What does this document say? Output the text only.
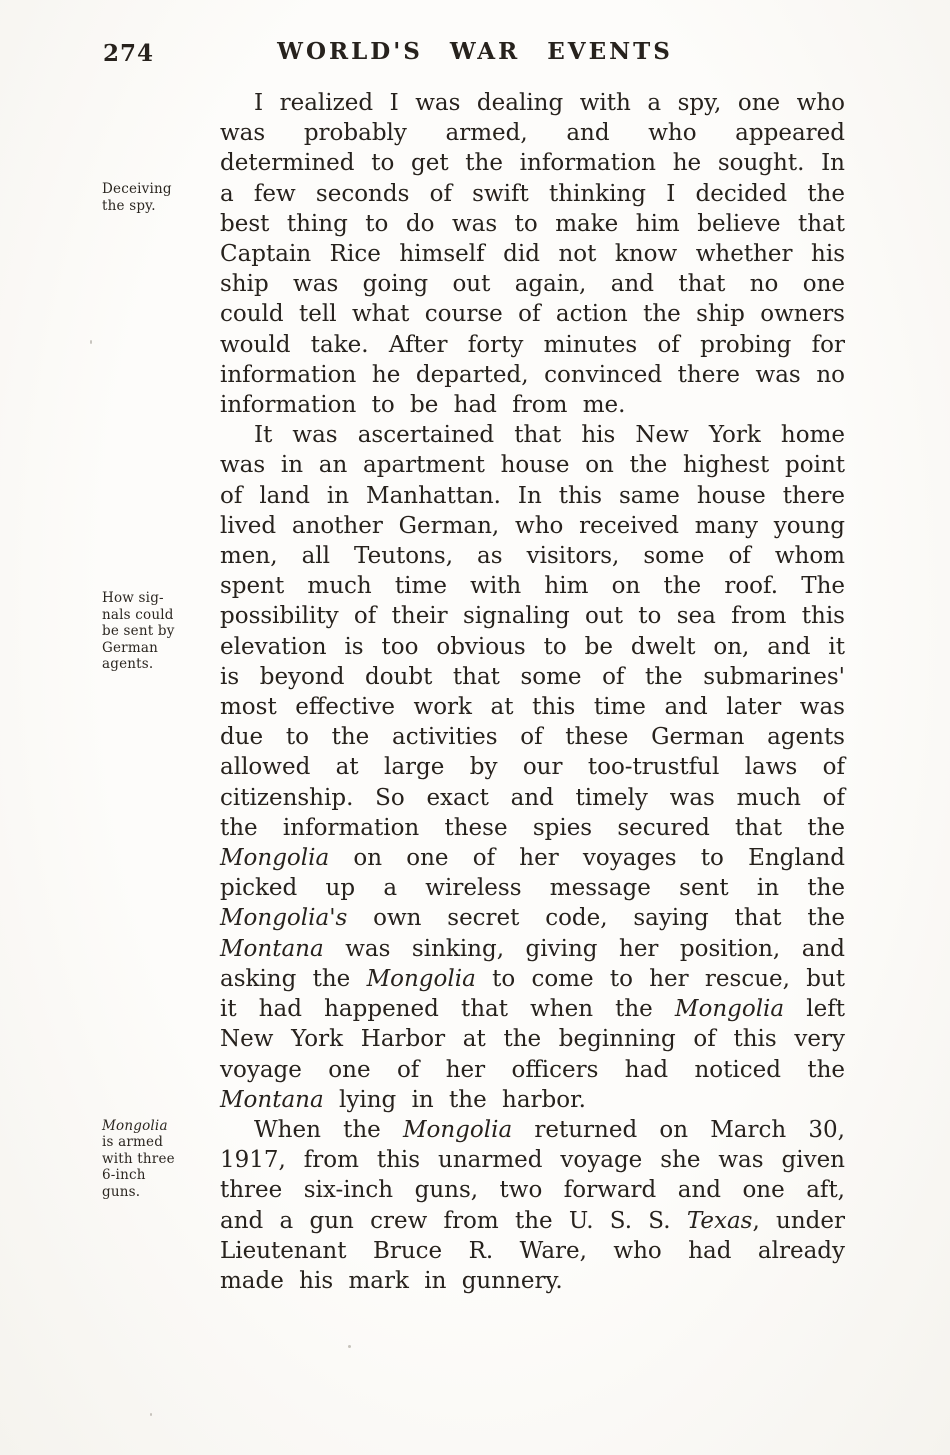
274	WORLD'S WAR EVENTS

Deceiving
the spy.
I realized I was dealing with a spy, one who was probably armed, and who appeared determined to get the information he sought. In a few seconds of swift thinking I decided the best thing to do was to make him believe that Captain Rice himself did not know whether his ship was going out again, and that no one could tell what course of action the ship owners would take. After forty minutes of probing for information he departed, convinced there was no information to be had from me.

How sig-
nals could
be sent by
German
agents.
It was ascertained that his New York home was in an apartment house on the highest point of land in Manhattan. In this same house there lived another German, who received many young men, all Teutons, as visitors, some of whom spent much time with him on the roof. The possibility of their signaling out to sea from this elevation is too obvious to be dwelt on, and it is beyond doubt that some of the submarines' most effective work at this time and later was due to the activities of these German agents allowed at large by our too-trustful laws of citizenship. So exact and timely was much of the information these spies secured that the Mongolia on one of her voyages to England picked up a wireless message sent in the Mongolia's own secret code, saying that the Montana was sinking, giving her position, and asking the Mongolia to come to her rescue, but it had happened that when the Mongolia left New York Harbor at the beginning of this very voyage one of her officers had noticed the Montana lying in the harbor.

Mongolia
is armed
with three
6-inch
guns.
When the Mongolia returned on March 30, 1917, from this unarmed voyage she was given three six-inch guns, two forward and one aft, and a gun crew from the U. S. S. Texas, under Lieutenant Bruce R. Ware, who had already made his mark in gunnery.
